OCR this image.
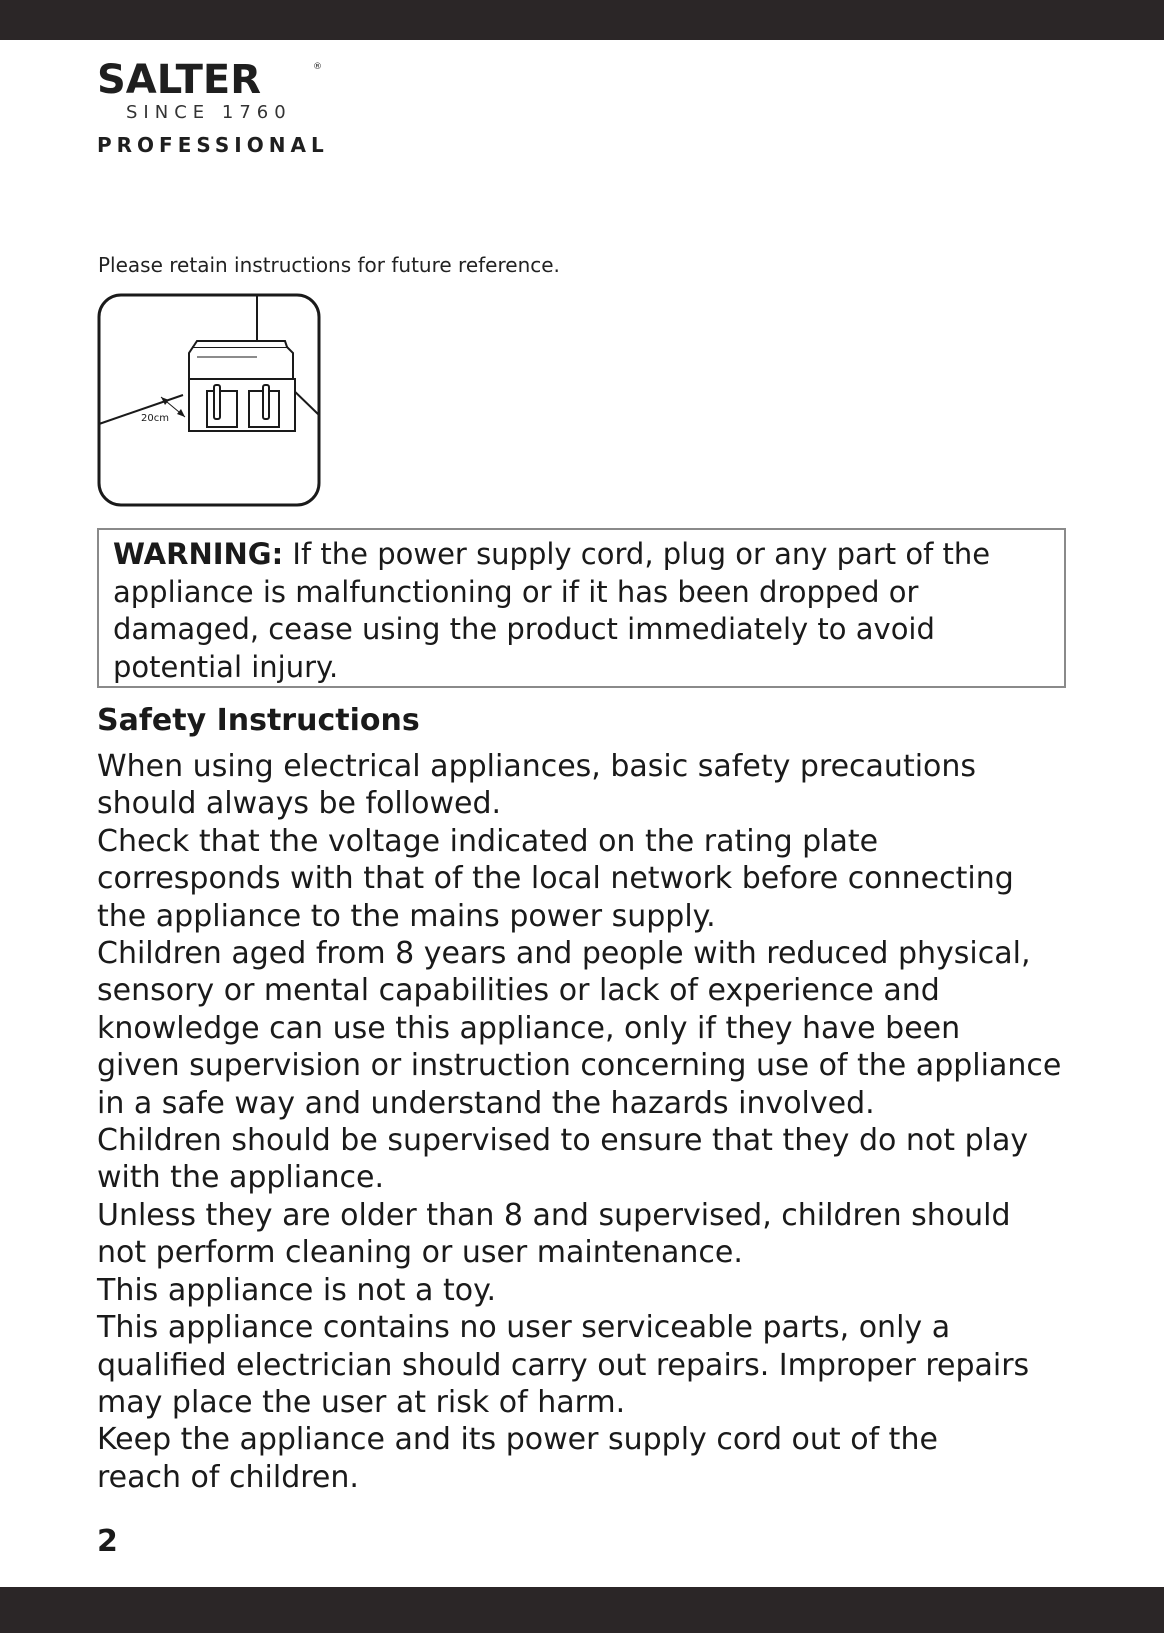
SALTER	®
SINCE 1760
PROFESSIONAL
Please retain instructions for future reference.
20cm
WARNING: If the power supply cord, plug or any part of the
appliance is malfunctioning or if it has been dropped or
damaged, cease using the product immediately to avoid
potential injury.
Safety Instructions
When using electrical appliances, basic safety precautions
should always be followed.
Check that the voltage indicated on the rating plate
corresponds with that of the local network before connecting
the appliance to the mains power supply.
Children aged from 8 years and people with reduced physical,
sensory or mental capabilities or lack of experience and
knowledge can use this appliance, only if they have been
given supervision or instruction concerning use of the appliance
in a safe way and understand the hazards involved.
Children should be supervised to ensure that they do not play
with the appliance.
Unless they are older than 8 and supervised, children should
not perform cleaning or user maintenance.
This appliance is not a toy.
This appliance contains no user serviceable parts, only a
qualified electrician should carry out repairs. Improper repairs
may place the user at risk of harm.
Keep the appliance and its power supply cord out of the
reach of children.
2
